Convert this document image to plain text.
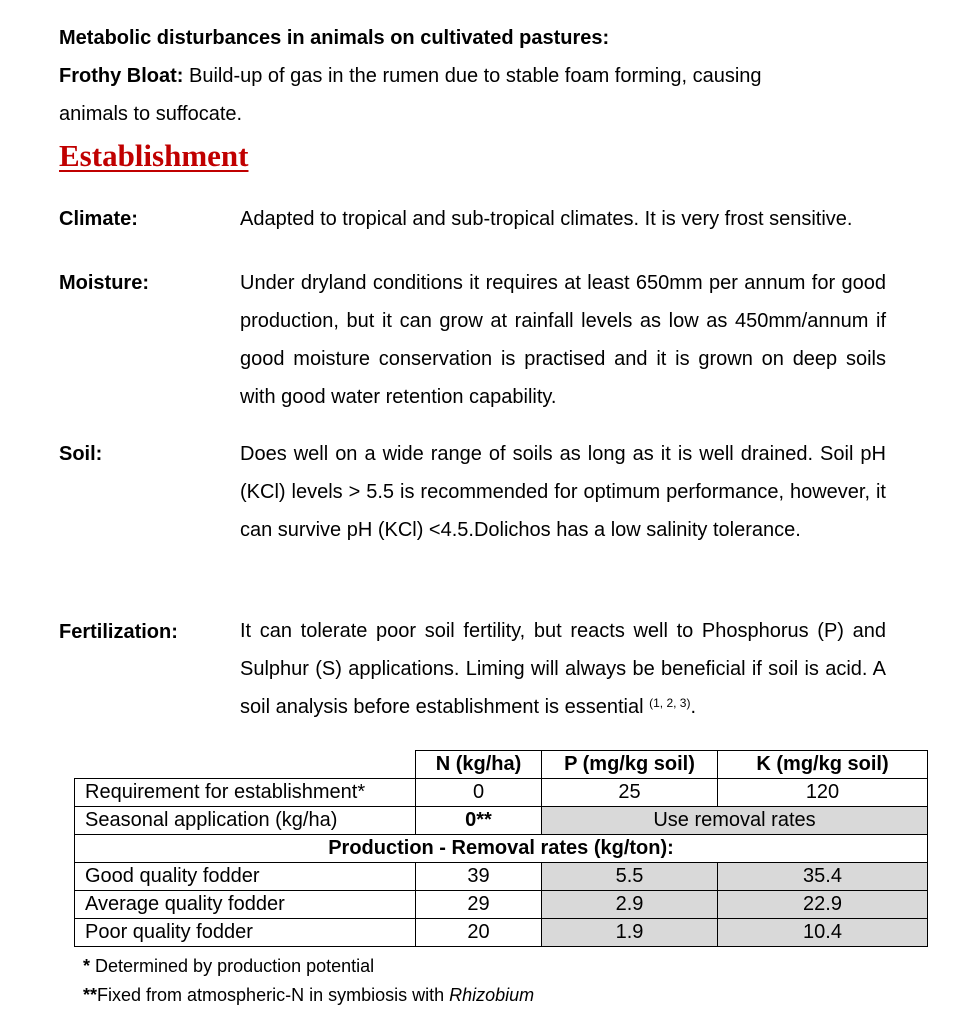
Metabolic disturbances in animals on cultivated pastures:
Frothy Bloat: Build-up of gas in the rumen due to stable foam forming, causing
animals to suffocate.
Establishment
Climate:	Adapted to tropical and sub-tropical climates. It is very frost sensitive.
Moisture:	Under dryland conditions it requires at least 650mm per annum for good production, but it can grow at rainfall levels as low as 450mm/annum if good moisture conservation is practised and it is grown on deep soils with good water retention capability.
Soil:	Does well on a wide range of soils as long as it is well drained. Soil pH (KCl) levels > 5.5 is recommended for optimum performance, however, it can survive pH (KCl) <4.5.Dolichos has a low salinity tolerance.
Fertilization:	It can tolerate poor soil fertility, but reacts well to Phosphorus (P) and Sulphur (S) applications. Liming will always be beneficial if soil is acid. A soil analysis before establishment is essential $^{(1, 2, 3)}$.
	N (kg/ha)	P (mg/kg soil)	K (mg/kg soil)
Requirement for establishment*	0	25	120
Seasonal application (kg/ha)	0**	Use removal rates	
Production - Removal rates (kg/ton):			
Good quality fodder	39	5.5	35.4
Average quality fodder	29	2.9	22.9
Poor quality fodder	20	1.9	10.4
* Determined by production potential
**Fixed from atmospheric-N in symbiosis with Rhizobium
